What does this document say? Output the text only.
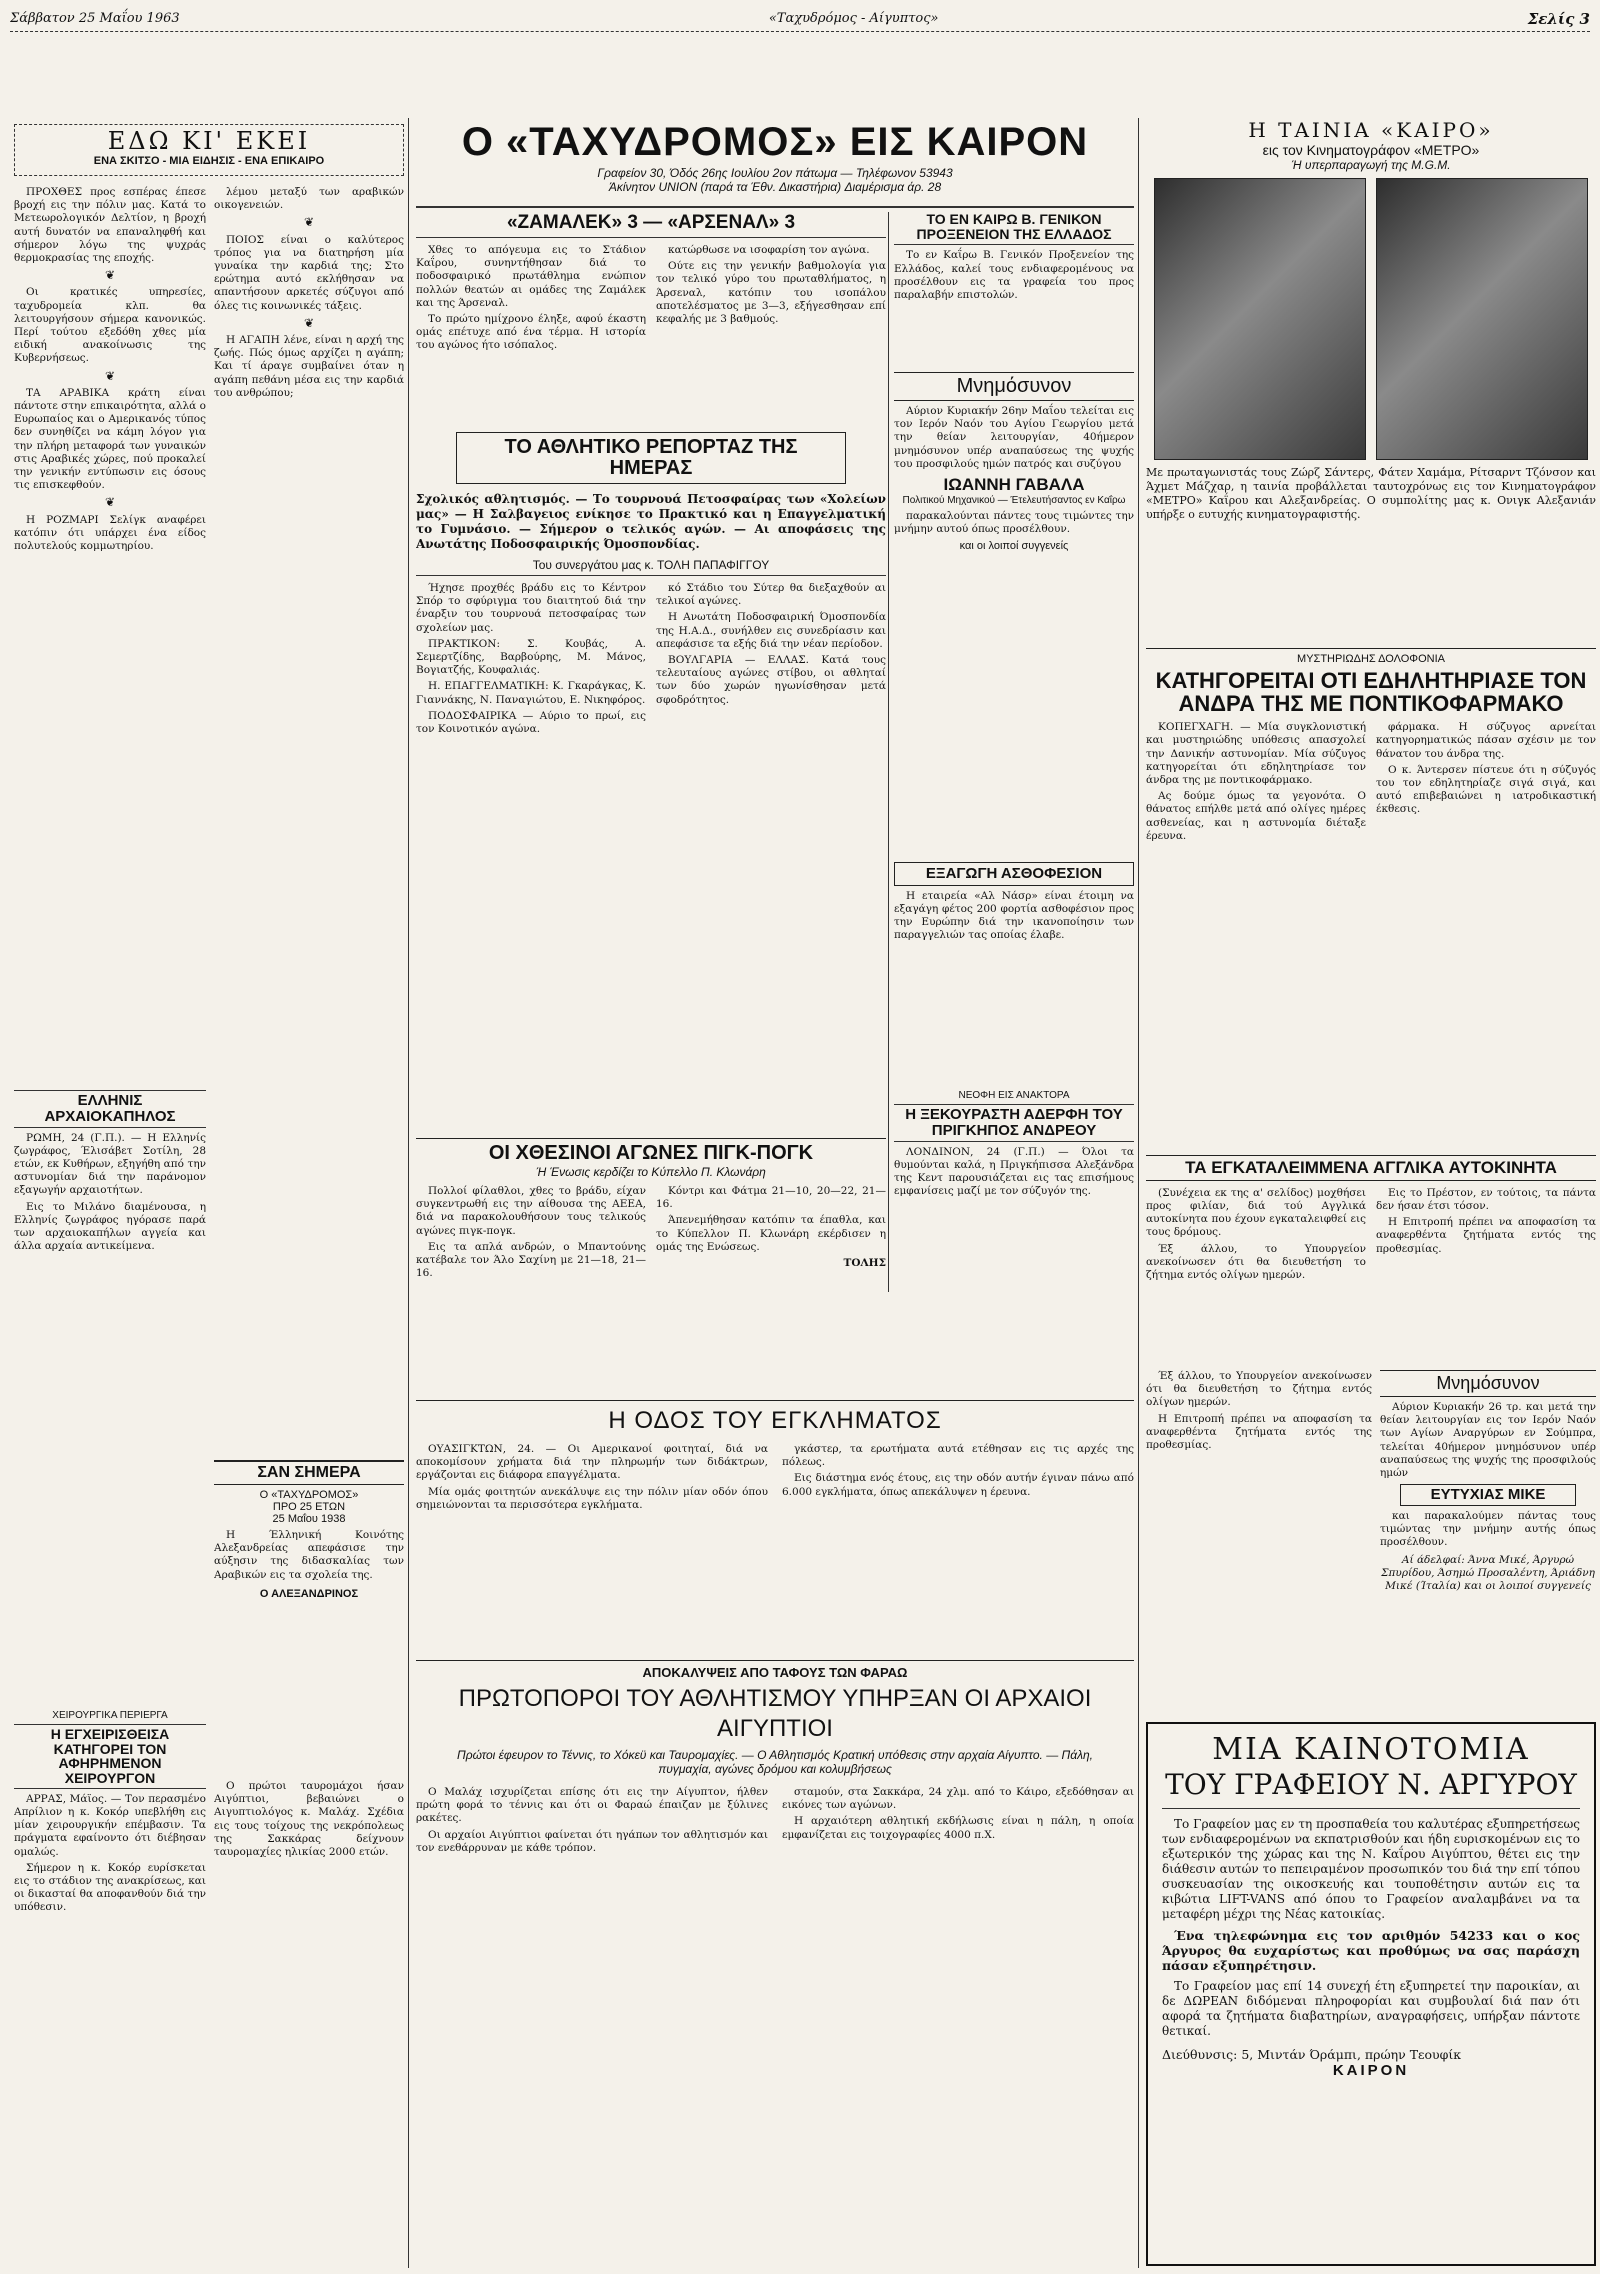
Σάββατον 25 Μαΐου 1963	«Ταχυδρόμος - Αίγυπτος»	Σελίς 3
ΕΔΩ ΚΙ' ΕΚΕΙ
ΕΝΑ ΣΚΙΤΣΟ - ΜΙΑ ΕΙΔΗΣΙΣ - ΕΝΑ ΕΠΙΚΑΙΡΟ

ΠΡΟΧΘΕΣ προς εσπέρας έπεσε βροχή εις την πόλιν μας. Κατά το Μετεωρολογικόν Δελτίον, η βροχή αυτή δυνατόν να επαναληφθή και σήμερον λόγω της ψυχράς θερμοκρασίας της εποχής.

❦

Οι κρατικές υπηρεσίες, ταχυδρομεία κλπ. θα λειτουργήσουν σήμερα κανονικώς. Περί τούτου εξεδόθη χθες μία ειδική ανακοίνωσις της Κυβερνήσεως.

❦

ΤΑ ΑΡΑΒΙΚΑ κράτη είναι πάντοτε στην επικαιρότητα, αλλά ο Ευρωπαίος και ο Αμερικανός τύπος δεν συνηθίζει να κάμη λόγον για την πλήρη μεταφορά των γυναικών στις Αραβικές χώρες, πού προκαλεί την γενικήν εντύπωσιν εις όσους τις επισκεφθούν.

❦

Η ΡΟΖΜΑΡΙ Σελίγκ αναφέρει κατόπιν ότι υπάρχει ένα είδος πολυτελούς κομμωτηρίου.

λέμου μεταξύ των αραβικών οικογενειών.

❦

ΠΟΙΟΣ είναι ο καλύτερος τρόπος για να διατηρήση μία γυναίκα την καρδιά της; Στο ερώτημα αυτό εκλήθησαν να απαντήσουν αρκετές σύζυγοι από όλες τις κοινωνικές τάξεις.

❦

Η ΑΓΑΠΗ λένε, είναι η αρχή της ζωής. Πώς όμως αρχίζει η αγάπη; Και τί άραγε συμβαίνει όταν η αγάπη πεθάνη μέσα εις την καρδιά του ανθρώπου;

ΕΛΛΗΝΙΣ ΑΡΧΑΙΟΚΑΠΗΛΟΣ

ΡΩΜΗ, 24 (Γ.Π.). — Η Ελληνίς ζωγράφος, Έλισάβετ Σοτίλη, 28 ετών, εκ Κυθήρων, εξηγήθη από την αστυνομίαν διά την παράνομον εξαγωγήν αρχαιοτήτων.

Εις το Μιλάνο διαμένουσα, η Ελληνίς ζωγράφος ηγόρασε παρά των αρχαιοκαπήλων αγγεία και άλλα αρχαία αντικείμενα.

ΧΕΙΡΟΥΡΓΙΚΑ ΠΕΡΙΕΡΓΑ
Η ΕΓΧΕΙΡΙΣΘΕΙΣΑ ΚΑΤΗΓΟΡΕΙ ΤΟΝ ΑΦΗΡΗΜΕΝΟΝ ΧΕΙΡΟΥΡΓΟΝ

ΑΡΡΑΣ, Μάϊος. — Τον περασμένο Απρίλιον η κ. Κοκόρ υπεβλήθη εις μίαν χειρουργικήν επέμβασιν. Τα πράγματα εφαίνοντο ότι διέβησαν ομαλώς.

Σήμερον η κ. Κοκόρ ευρίσκεται εις το στάδιον της ανακρίσεως, και οι δικασταί θα αποφανθούν διά την υπόθεσιν.

ΣΑΝ ΣΗΜΕΡΑ
Ο «ΤΑΧΥΔΡΟΜΟΣ»
ΠΡΟ 25 ΕΤΩΝ
25 Μαΐου 1938

Η Έλληνική Κοινότης Αλεξανδρείας απεφάσισε την αύξησιν της διδασκαλίας των Αραβικών εις τα σχολεία της.

Ο ΑΛΕΞΑΝΔΡΙΝΟΣ

Ο πρώτοι ταυρομάχοι ήσαν Αιγύπτιοι, βεβαιώνει ο Αιγυπτιολόγος κ. Μαλάχ. Σχέδια εις τους τοίχους της νεκρόπολεως της Σακκάρας δείχνουν ταυρομαχίες ηλικίας 2000 ετών.

Ο «ΤΑΧΥΔΡΟΜΟΣ» ΕΙΣ ΚΑΙΡΟΝ
Γραφείον 30, Όδός 26ης Ιουλίου 2ον πάτωμα — Τηλέφωνον 53943
Άκίνητον UNION (παρά τα Έθν. Δικαστήρια) Διαμέρισμα άρ. 28
«ΖΑΜΑΛΕΚ» 3 — «ΑΡΣΕΝΑΛ» 3

Χθες το απόγευμα εις το Στάδιον Καΐρου, συνηντήθησαν διά το ποδοσφαιρικό πρωτάθλημα ενώπιον πολλών θεατών αι ομάδες της Ζαμάλεκ και της Άρσεναλ.

Το πρώτο ημίχρονο έληξε, αφού έκαστη ομάς επέτυχε από ένα τέρμα. Η ιστορία του αγώνος ήτο ισόπαλος.

κατώρθωσε να ισοφαρίση τον αγώνα.

Ούτε εις την γενικήν βαθμολογία για τον τελικό γύρο του πρωταθλήματος, η Άρσεναλ, κατόπιν του ισοπάλου αποτελέσματος με 3—3, εξήγεσθησαν επί κεφαλής με 3 βαθμούς.

ΤΟ ΑΘΛΗΤΙΚΟ ΡΕΠΟΡΤΑΖ ΤΗΣ ΗΜΕΡΑΣ
Σχολικός αθλητισμός. — Το τουρνουά Πετοσφαίρας των «Χολείων μας» — Η Σαλβαγειος ενίκησε το Πρακτικό και η Επαγγελματική το Γυμνάσιο. — Σήμερον ο τελικός αγών. — Αι αποφάσεις της Ανωτάτης Ποδοσφαιρικής Όμοσπονδίας.
Του συνεργάτου μας κ. ΤΟΛΗ ΠΑΠΑΦΙΓΓΟΥ

Ήχησε προχθές βράδυ εις το Κέντρον Σπόρ το σφύριγμα του διαιτητού διά την έναρξιν του τουρνουά πετοσφαίρας των σχολείων μας.

ΠΡΑΚΤΙΚΟΝ: Σ. Κουβάς, Α. Σεμερτζίδης, Βαρβούρης, Μ. Μάνος, Βογιατζής, Κουφαλιάς.

Η. ΕΠΑΓΓΕΛΜΑΤΙΚΗ: Κ. Γκαράγκας, Κ. Γιαννάκης, Ν. Παναγιώτου, Ε. Νικηφόρος.

ΠΟΔΟΣΦΑΙΡΙΚΑ — Αύριο το πρωί, εις τον Κοινοτικόν αγώνα.

κό Στάδιο του Σύτερ θα διεξαχθούν αι τελικοί αγώνες.

Η Ανωτάτη Ποδοσφαιρική Όμοσπονδία της Η.Α.Δ., συνήλθεν εις συνεδρίασιν και απεφάσισε τα εξής διά την νέαν περίοδον.

ΒΟΥΛΓΑΡΙΑ — ΕΛΛΑΣ. Κατά τους τελευταίους αγώνες στίβου, οι αθληταί των δύο χωρών ηγωνίσθησαν μετά σφοδρότητος.

ΟΙ ΧΘΕΣΙΝΟΙ ΑΓΩΝΕΣ ΠΙΓΚ-ΠΟΓΚ
Ή Ένωσις κερδίζει το Κύπελλο Π. Κλωνάρη

Πολλοί φίλαθλοι, χθες το βράδυ, είχαν συγκεντρωθή εις την αίθουσα της ΑΕΕΑ, διά να παρακολουθήσουν τους τελικούς αγώνες πιγκ-πογκ.

Εις τα απλά ανδρών, ο Μπαντούνης κατέβαλε τον Άλο Σαχίνη με 21—18, 21—16.

Κόντρι και Φάτμα 21—10, 20—22, 21—16.

Άπενεμήθησαν κατόπιν τα έπαθλα, και το Κύπελλον Π. Κλωνάρη εκέρδισεν η ομάς της Ενώσεως.

ΤΟΛΗΣ

ΤΟ ΕΝ ΚΑΙΡΩ Β. ΓΕΝΙΚΟΝ ΠΡΟΞΕΝΕΙΟΝ ΤΗΣ ΕΛΛΑΔΟΣ

Το εν Καΐρω Β. Γενικόν Προξενείον της Ελλάδος, καλεί τους ενδιαφερομένους να προσέλθουν εις τα γραφεία του προς παραλαβήν επιστολών.

Μνημόσυνον

Αύριον Κυριακήν 26ην Μαΐου τελείται εις τον Ιερόν Ναόν του Αγίου Γεωργίου μετά την θείαν λειτουργίαν, 40ήμερον μνημόσυνον υπέρ αναπαύσεως της ψυχής του προσφιλούς ημών πατρός και συζύγου

ΙΩΑΝΝΗ ΓΑΒΑΛΑ
Πολιτικού Μηχανικού — Έτελευτήσαντος εν Καΐρω

παρακαλούνται πάντες τους τιμώντες την μνήμην αυτού όπως προσέλθουν.

και οι λοιποί συγγενείς
ΕΞΑΓΩΓΗ ΑΣΘΟΦΕΣΙΟΝ

Η εταιρεία «Αλ Νάσρ» είναι έτοιμη να εξαγάγη φέτος 200 φορτία ασθοφέσιον προς την Ευρώπην διά την ικανοποίησιν των παραγγελιών τας οποίας έλαβε.

ΝΕΟΦΗ ΕΙΣ ΑΝΑΚΤΟΡΑ
Η ΞΕΚΟΥΡΑΣΤΗ ΑΔΕΡΦΗ ΤΟΥ ΠΡΙΓΚΗΠΟΣ ΑΝΔΡΕΟΥ

ΛΟΝΔΙΝΟΝ, 24 (Γ.Π.) — Όλοι τα θυμούνται καλά, η Πριγκήπισσα Αλεξάνδρα της Κεντ παρουσιάζεται εις τας επισήμους εμφανίσεις μαζί με τον σύζυγόν της.

Η ΟΔΟΣ ΤΟΥ ΕΓΚΛΗΜΑΤΟΣ

ΟΥΑΣΙΓΚΤΩΝ, 24. — Οι Αμερικανοί φοιτηταί, διά να αποκομίσουν χρήματα διά την πληρωμήν των διδάκτρων, εργάζονται εις διάφορα επαγγέλματα.

Μία ομάς φοιτητών ανεκάλυψε εις την πόλιν μίαν οδόν όπου σημειώνονται τα περισσότερα εγκλήματα.

γκάστερ, τα ερωτήματα αυτά ετέθησαν εις τις αρχές της πόλεως.

Εις διάστημα ενός έτους, εις την οδόν αυτήν έγιναν πάνω από 6.000 εγκλήματα, όπως απεκάλυψεν η έρευνα.

ΑΠΟΚΑΛΥΨΕΙΣ ΑΠΟ ΤΑΦΟΥΣ ΤΩΝ ΦΑΡΑΩ
ΠΡΩΤΟΠΟΡΟΙ ΤΟΥ ΑΘΛΗΤΙΣΜΟΥ ΥΠΗΡΞΑΝ ΟΙ ΑΡΧΑΙΟΙ ΑΙΓΥΠΤΙΟΙ
Πρώτοι έφευρον το Τέννις, το Χόκεϋ και Ταυρομαχίες. — Ο Αθλητισμός Κρατική υπόθεσις στην αρχαία Αίγυπτο. — Πάλη, πυγμαχία, αγώνες δρόμου και κολυμβήσεως

Ο Μαλάχ ισχυρίζεται επίσης ότι εις την Αίγυπτον, ήλθεν πρώτη φορά το τέννις και ότι οι Φαραώ έπαιζαν με ξύλινες ρακέτες.

Οι αρχαίοι Αιγύπτιοι φαίνεται ότι ηγάπων τον αθλητισμόν και τον ενεθάρρυναν με κάθε τρόπον.

σταμούν, στα Σακκάρα, 24 χλμ. από το Κάιρο, εξεδόθησαν αι εικόνες των αγώνων.

Η αρχαιότερη αθλητική εκδήλωσις είναι η πάλη, η οποία εμφανίζεται εις τοιχογραφίες 4000 π.Χ.

Η ΤΑΙΝΙΑ «ΚΑΙΡΟ»
εις τον Κινηματογράφον «ΜΕΤΡΟ»
Ή υπερπαραγωγή της M.G.M.
Με πρωταγωνιστάς τους Ζώρζ Σάντερς, Φάτεν Χαμάμα, Ρίτσαρντ Τζόνσον και Άχμετ Μάζχαρ, η ταινία προβάλλεται ταυτοχρόνως εις τον Κινηματογράφον «ΜΕΤΡΟ» Καΐρου και Αλεξανδρείας. Ο συμπολίτης μας κ. Ονιγκ Αλεξανιάν υπήρξε ο ευτυχής κινηματογραφιστής.
ΜΥΣΤΗΡΙΩΔΗΣ ΔΟΛΟΦΟΝΙΑ
ΚΑΤΗΓΟΡΕΙΤΑΙ ΟΤΙ ΕΔΗΛΗΤΗΡΙΑΣΕ ΤΟΝ ΑΝΔΡΑ ΤΗΣ ΜΕ ΠΟΝΤΙΚΟΦΑΡΜΑΚΟ

ΚΟΠΕΓΧΑΓΗ. — Μία συγκλονιστική και μυστηριώδης υπόθεσις απασχολεί την Δανικήν αστυνομίαν. Μία σύζυγος κατηγορείται ότι εδηλητηρίασε τον άνδρα της με ποντικοφάρμακο.

Ας δούμε όμως τα γεγονότα. Ο θάνατος επήλθε μετά από ολίγες ημέρες ασθενείας, και η αστυνομία διέταξε έρευνα.

φάρμακα. Η σύζυγος αρνείται κατηγορηματικώς πάσαν σχέσιν με τον θάνατον του άνδρα της.

Ο κ. Άντερσεν πίστευε ότι η σύζυγός του τον εδηλητηρίαζε σιγά σιγά, και αυτό επιβεβαιώνει η ιατροδικαστική έκθεσις.

ΤΑ ΕΓΚΑΤΑΛΕΙΜΜΕΝΑ ΑΓΓΛΙΚΑ ΑΥΤΟΚΙΝΗΤΑ

(Συνέχεια εκ της α' σελίδος) μοχθήσει προς φιλίαν, διά τού Αγγλικά αυτοκίνητα που έχουν εγκαταλειφθεί εις τους δρόμους.

Έξ άλλου, το Υπουργείον ανεκοίνωσεν ότι θα διευθετήση το ζήτημα εντός ολίγων ημερών.

Εις το Πρέστον, εν τούτοις, τα πάντα δεν ήσαν έτσι τόσον.

Η Επιτροπή πρέπει να αποφασίση τα αναφερθέντα ζητήματα εντός της προθεσμίας.

Μνημόσυνον

Αύριον Κυριακήν 26 τρ. και μετά την θείαν λειτουργίαν εις τον Ιερόν Ναόν των Αγίων Αναργύρων εν Σούμπρα, τελείται 40ήμερον μνημόσυνον υπέρ αναπαύσεως της ψυχής της προσφιλούς ημών

ΕΥΤΥΧΙΑΣ ΜΙΚΕ

και παρακαλούμεν πάντας τους τιμώντας την μνήμην αυτής όπως προσέλθουν.

Αί άδελφαί: Άννα Μικέ, Άργυρώ Σπυρίδου, Άσημώ Προσαλέντη, Άριάδνη Μικέ (Ίταλία) και οι λοιποί συγγενείς

Έξ άλλου, το Υπουργείον ανεκοίνωσεν ότι θα διευθετήση το ζήτημα εντός ολίγων ημερών.

Η Επιτροπή πρέπει να αποφασίση τα αναφερθέντα ζητήματα εντός της προθεσμίας.

ΜΙΑ ΚΑΙΝΟΤΟΜΙΑ
ΤΟΥ ΓΡΑΦΕΙΟΥ Ν. ΑΡΓΥΡΟΥ

Το Γραφείον μας εν τη προσπαθεία του καλυτέρας εξυπηρετήσεως των ενδιαφερομένων να εκπατρισθούν και ήδη ευρισκομένων εις το εξωτερικόν της χώρας και της Ν. Καΐρου Αιγύπτου, θέτει εις την διάθεσιν αυτών το πεπειραμένον προσωπικόν του διά την επί τόπου συσκευασίαν της οικοσκευής και τουποθέτησιν αυτών εις τα κιβώτια LIFT-VANS από όπου το Γραφείον αναλαμβάνει να τα μεταφέρη μέχρι της Νέας κατοικίας.

Ένα τηλεφώνημα εις τον αριθμόν 54233 και ο κος Άργυρος θα ευχαρίστως και προθύμως να σας παράσχη πάσαν εξυπηρέτησιν.

Το Γραφείον μας επί 14 συνεχή έτη εξυπηρετεί την παροικίαν, αι δε ΔΩΡΕΑΝ διδόμεναι πληροφορίαι και συμβουλαί διά παν ότι αφορά τα ζητήματα διαβατηρίων, αναγραφήσεις, υπήρξαν πάντοτε θετικαί.

Διεύθυνσις: 5, Μιντάν Όράμπι, πρώην Τεουφίκ
ΚΑΙΡΟΝ
